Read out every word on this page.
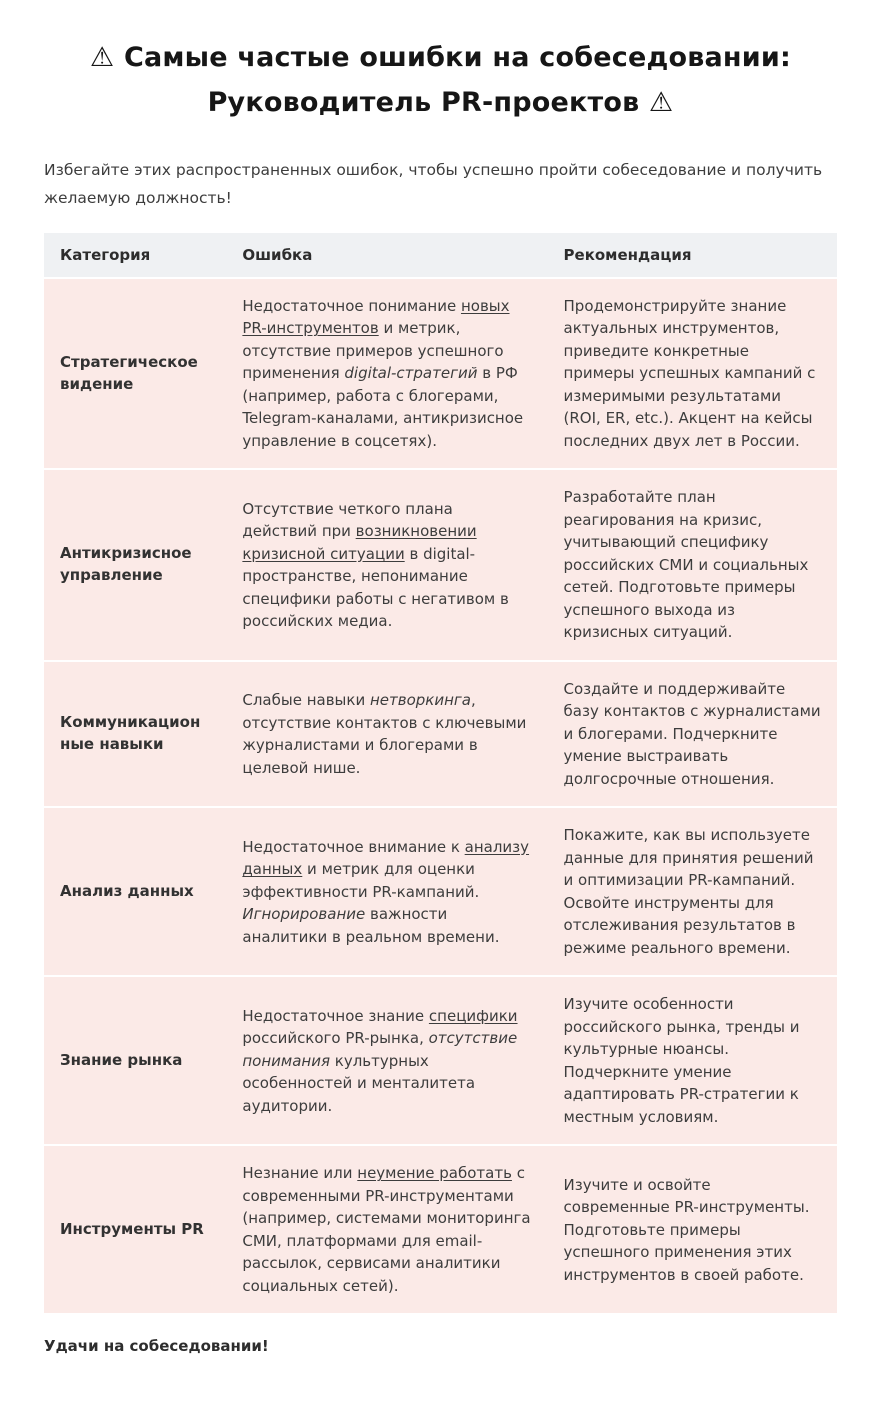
⚠ Самые частые ошибки на собеседовании: Руководитель PR-проектов ⚠

Избегайте этих распространенных ошибок, чтобы успешно пройти собеседование и получить желаемую должность!

Категория	Ошибка	Рекомендация
Стратегическое видение	Недостаточное понимание новых PR-инструментов и метрик, отсутствие примеров успешного применения digital-стратегий в РФ (например, работа с блогерами, Telegram-каналами, антикризисное управление в соцсетях).	Продемонстрируйте знание актуальных инструментов, приведите конкретные примеры успешных кампаний с измеримыми результатами (ROI, ER, etc.). Акцент на кейсы последних двух лет в России.
Антикризисное управление	Отсутствие четкого плана действий при возникновении кризисной ситуации в digital-пространстве, непонимание специфики работы с негативом в российских медиа.	Разработайте план реагирования на кризис, учитывающий специфику российских СМИ и социальных сетей. Подготовьте примеры успешного выхода из кризисных ситуаций.
Коммуникационные навыки	Слабые навыки нетворкинга, отсутствие контактов с ключевыми журналистами и блогерами в целевой нише.	Создайте и поддерживайте базу контактов с журналистами и блогерами. Подчеркните умение выстраивать долгосрочные отношения.
Анализ данных	Недостаточное внимание к анализу данных и метрик для оценки эффективности PR-кампаний. Игнорирование важности аналитики в реальном времени.	Покажите, как вы используете данные для принятия решений и оптимизации PR-кампаний. Освойте инструменты для отслеживания результатов в режиме реального времени.
Знание рынка	Недостаточное знание специфики российского PR-рынка, отсутствие понимания культурных особенностей и менталитета аудитории.	Изучите особенности российского рынка, тренды и культурные нюансы. Подчеркните умение адаптировать PR-стратегии к местным условиям.
Инструменты PR	Незнание или неумение работать с современными PR-инструментами (например, системами мониторинга СМИ, платформами для email-рассылок, сервисами аналитики социальных сетей).	Изучите и освойте современные PR-инструменты. Подготовьте примеры успешного применения этих инструментов в своей работе.

Удачи на собеседовании!
